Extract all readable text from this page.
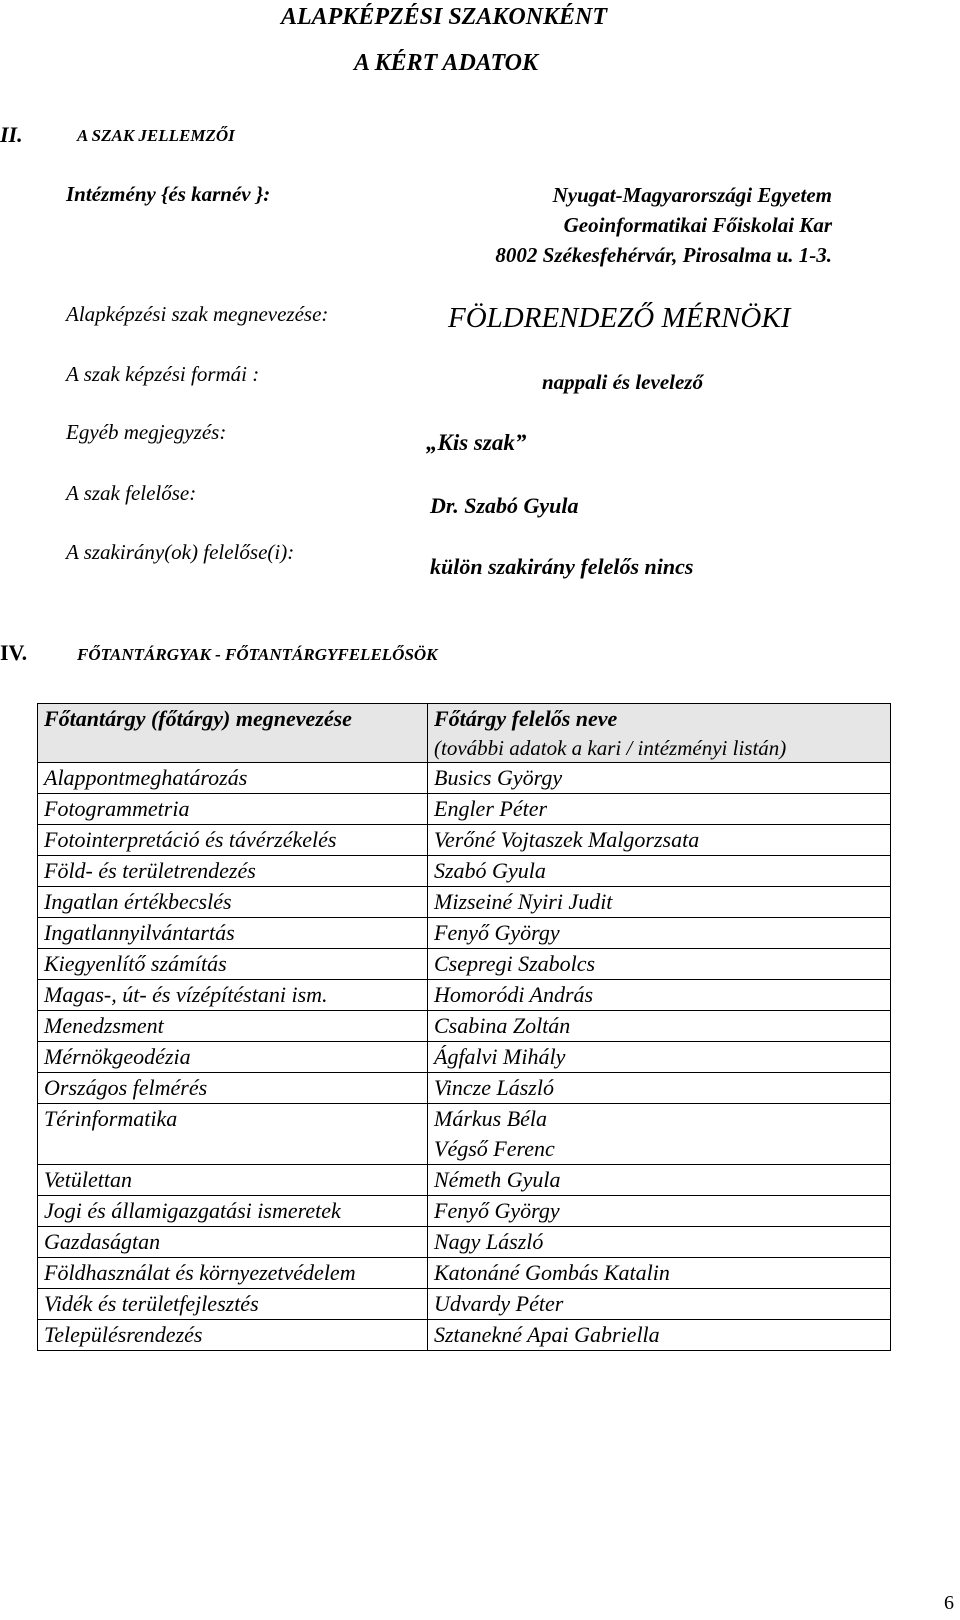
ALAPKÉPZÉSI SZAKONKÉNT
A KÉRT ADATOK
II.	A SZAK JELLEMZŐI
Intézmény {és karnév }:	Nyugat-Magyarországi Egyetem
Geoinformatikai Főiskolai Kar
8002 Székesfehérvár, Pirosalma u. 1-3.
Alapképzési szak megnevezése:	FÖLDRENDEZŐ MÉRNÖKI
A szak képzési formái :	nappali és levelező
Egyéb megjegyzés:	„Kis szak”
A szak felelőse:	Dr. Szabó Gyula
A szakirány(ok) felelőse(i):
külön szakirány felelős nincs
IV.	FŐTANTÁRGYAK - FŐTANTÁRGYFELELŐSÖK
Főtantárgy (főtárgy) megnevezése	Főtárgy felelős neve
(további adatok a kari / intézményi listán)

Alappontmeghatározás	Busics György
Fotogrammetria	Engler Péter
Fotointerpretáció és távérzékelés	Verőné Vojtaszek Malgorzsata
Föld- és területrendezés	Szabó Gyula
Ingatlan értékbecslés	Mizseiné Nyiri Judit
Ingatlannyilvántartás	Fenyő György
Kiegyenlítő számítás	Csepregi Szabolcs
Magas-, út- és vízépítéstani ism.	Homoródi András
Menedzsment	Csabina Zoltán
Mérnökgeodézia	Ágfalvi Mihály
Országos felmérés	Vincze László
Térinformatika	Márkus Béla
Végső Ferenc

Vetülettan	Németh Gyula
Jogi és államigazgatási ismeretek	Fenyő György
Gazdaságtan	Nagy László
Földhasználat és környezetvédelem	Katonáné Gombás Katalin
Vidék és területfejlesztés	Udvardy Péter
Településrendezés	Sztanekné Apai Gabriella
6
